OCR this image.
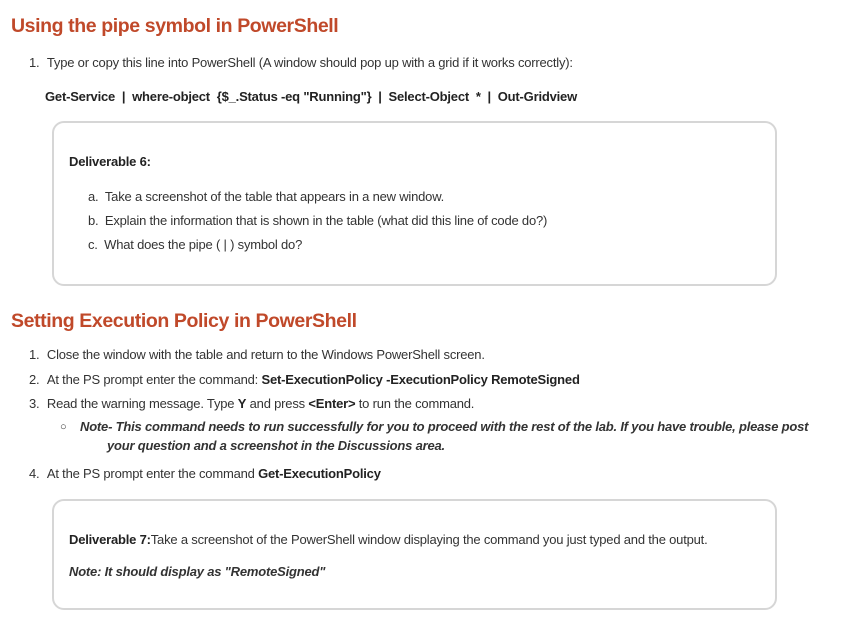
Using the pipe symbol in PowerShell
1. Type or copy this line into PowerShell (A window should pop up with a grid if it works correctly):
Get-Service  |  where-object  {$_.Status -eq "Running"}  |  Select-Object  *  |  Out-Gridview
Deliverable 6:
a. Take a screenshot of the table that appears in a new window.
b. Explain the information that is shown in the table (what did this line of code do?)
c. What does the pipe ( | ) symbol do?
Setting Execution Policy in PowerShell
1. Close the window with the table and return to the Windows PowerShell screen.
2. At the PS prompt enter the command: Set-ExecutionPolicy -ExecutionPolicy RemoteSigned
3. Read the warning message. Type Y and press <Enter> to run the command.
○ Note- This command needs to run successfully for you to proceed with the rest of the lab. If you have trouble, please post
your question and a screenshot in the Discussions area.
4. At the PS prompt enter the command Get-ExecutionPolicy
Deliverable 7:Take a screenshot of the PowerShell window displaying the command you just typed and the output.
Note: It should display as "RemoteSigned"
